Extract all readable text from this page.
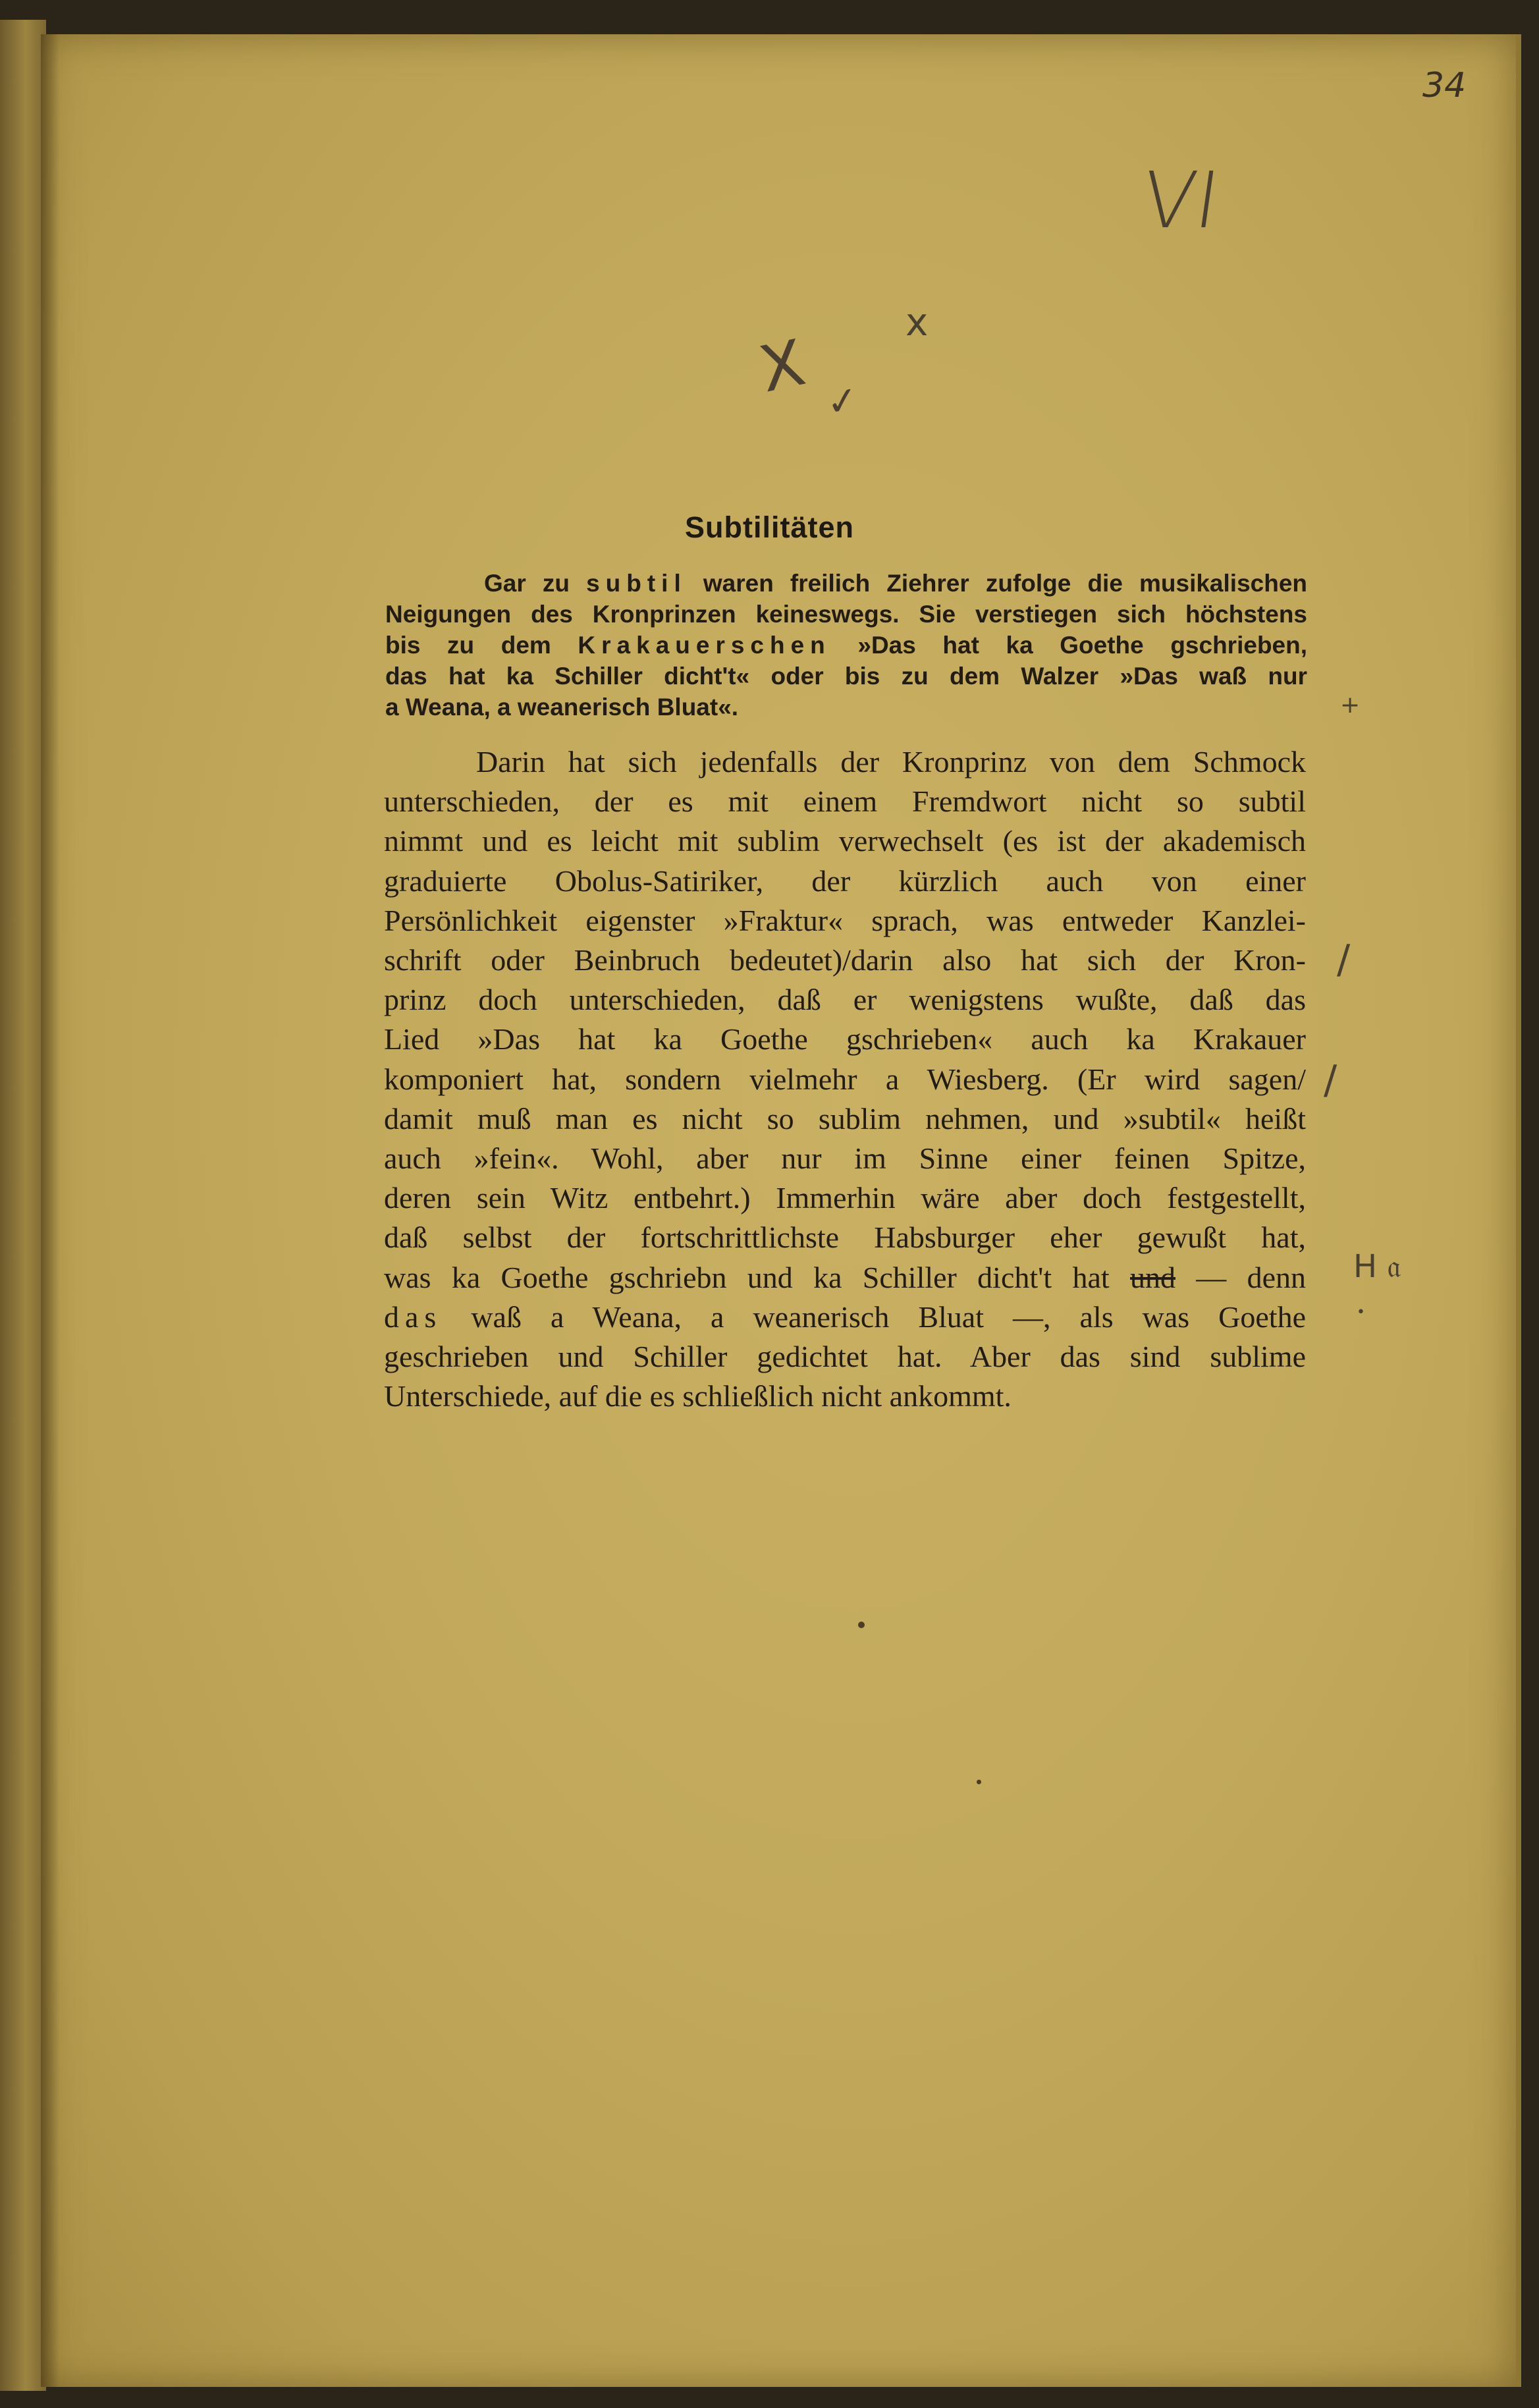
34
VI
X
x
✓
+
/
/
H 𝔞
•
Subtilitäten
Gar zu subtil waren freilich Ziehrer zufolge die musikalischen
Neigungen des Kronprinzen keineswegs. Sie verstiegen sich höchstens
bis zu dem Krakauerschen »Das hat ka Goethe gschrieben,
das hat ka Schiller dicht't« oder bis zu dem Walzer »Das waß nur
a Weana, a weanerisch Bluat«.
Darin hat sich jedenfalls der Kronprinz von dem Schmock
unterschieden, der es mit einem Fremdwort nicht so subtil
nimmt und es leicht mit sublim verwechselt (es ist der akademisch
graduierte Obolus-Satiriker, der kürzlich auch von einer
Persönlichkeit eigenster »Fraktur« sprach, was entweder Kanzlei-
schrift oder Beinbruch bedeutet)/darin also hat sich der Kron-
prinz doch unterschieden, daß er wenigstens wußte, daß das
Lied »Das hat ka Goethe gschrieben« auch ka Krakauer
komponiert hat, sondern vielmehr a Wiesberg. (Er wird sagen/
damit muß man es nicht so sublim nehmen, und »subtil« heißt
auch »fein«. Wohl, aber nur im Sinne einer feinen Spitze,
deren sein Witz entbehrt.) Immerhin wäre aber doch festgestellt,
daß selbst der fortschrittlichste Habsburger eher gewußt hat,
was ka Goethe gschriebn und ka Schiller dicht't hat und — denn
das waß a Weana, a weanerisch Bluat —, als was Goethe
geschrieben und Schiller gedichtet hat. Aber das sind sublime
Unterschiede, auf die es schließlich nicht ankommt.
